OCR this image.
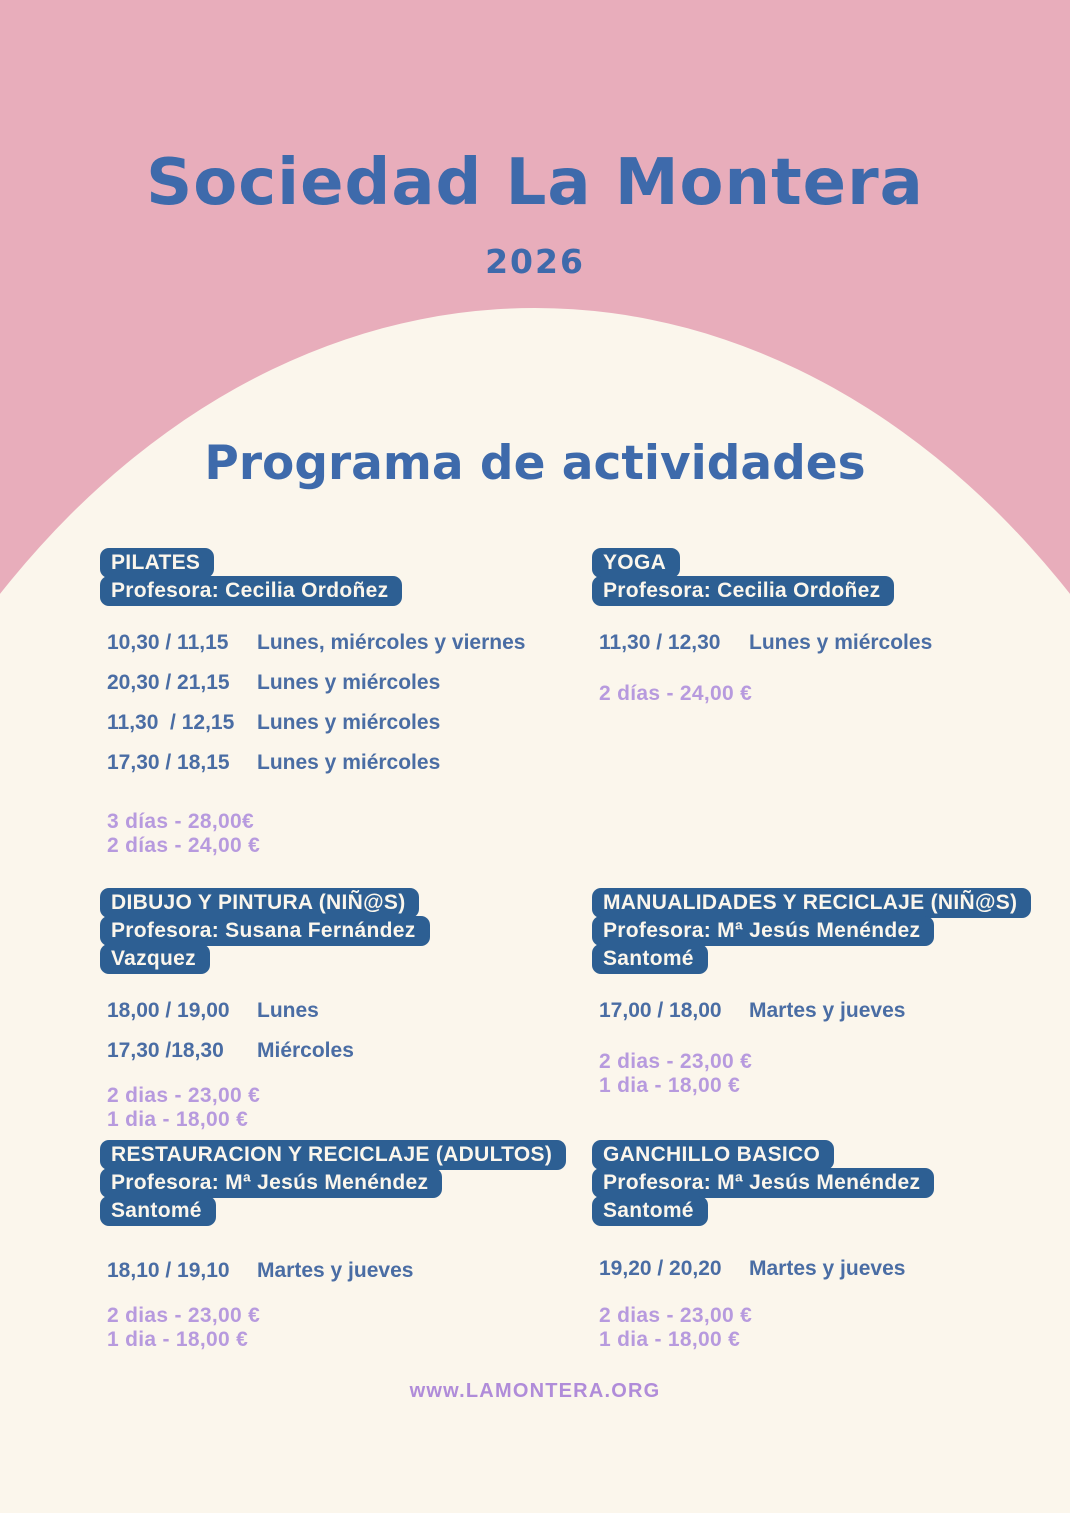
Sociedad La Montera
2026
Programa de actividades
PILATES
Profesora: Cecilia Ordoñez
10,30 / 11,15	Lunes, miércoles y viernes
20,30 / 21,15	Lunes y miércoles
11,30  / 12,15	Lunes y miércoles
17,30 / 18,15	Lunes y miércoles
3 días - 28,00€
2 días - 24,00 €
YOGA
Profesora: Cecilia Ordoñez
11,30 / 12,30	Lunes y miércoles
2 días - 24,00 €
DIBUJO Y PINTURA (NIÑ@S)
Profesora: Susana Fernández
Vazquez
18,00 / 19,00	Lunes
17,30 /18,30	Miércoles
2 dias - 23,00 €
1 dia - 18,00 €
MANUALIDADES Y RECICLAJE (NIÑ@S)
Profesora: Mª Jesús Menéndez
Santomé
17,00 / 18,00	Martes y jueves
2 dias - 23,00 €
1 dia - 18,00 €
RESTAURACION Y RECICLAJE (ADULTOS)
Profesora: Mª Jesús Menéndez
Santomé
18,10 / 19,10	Martes y jueves
2 dias - 23,00 €
1 dia - 18,00 €
GANCHILLO BASICO
Profesora: Mª Jesús Menéndez
Santomé
19,20 / 20,20	Martes y jueves
2 dias - 23,00 €
1 dia - 18,00 €
www.LAMONTERA.ORG
